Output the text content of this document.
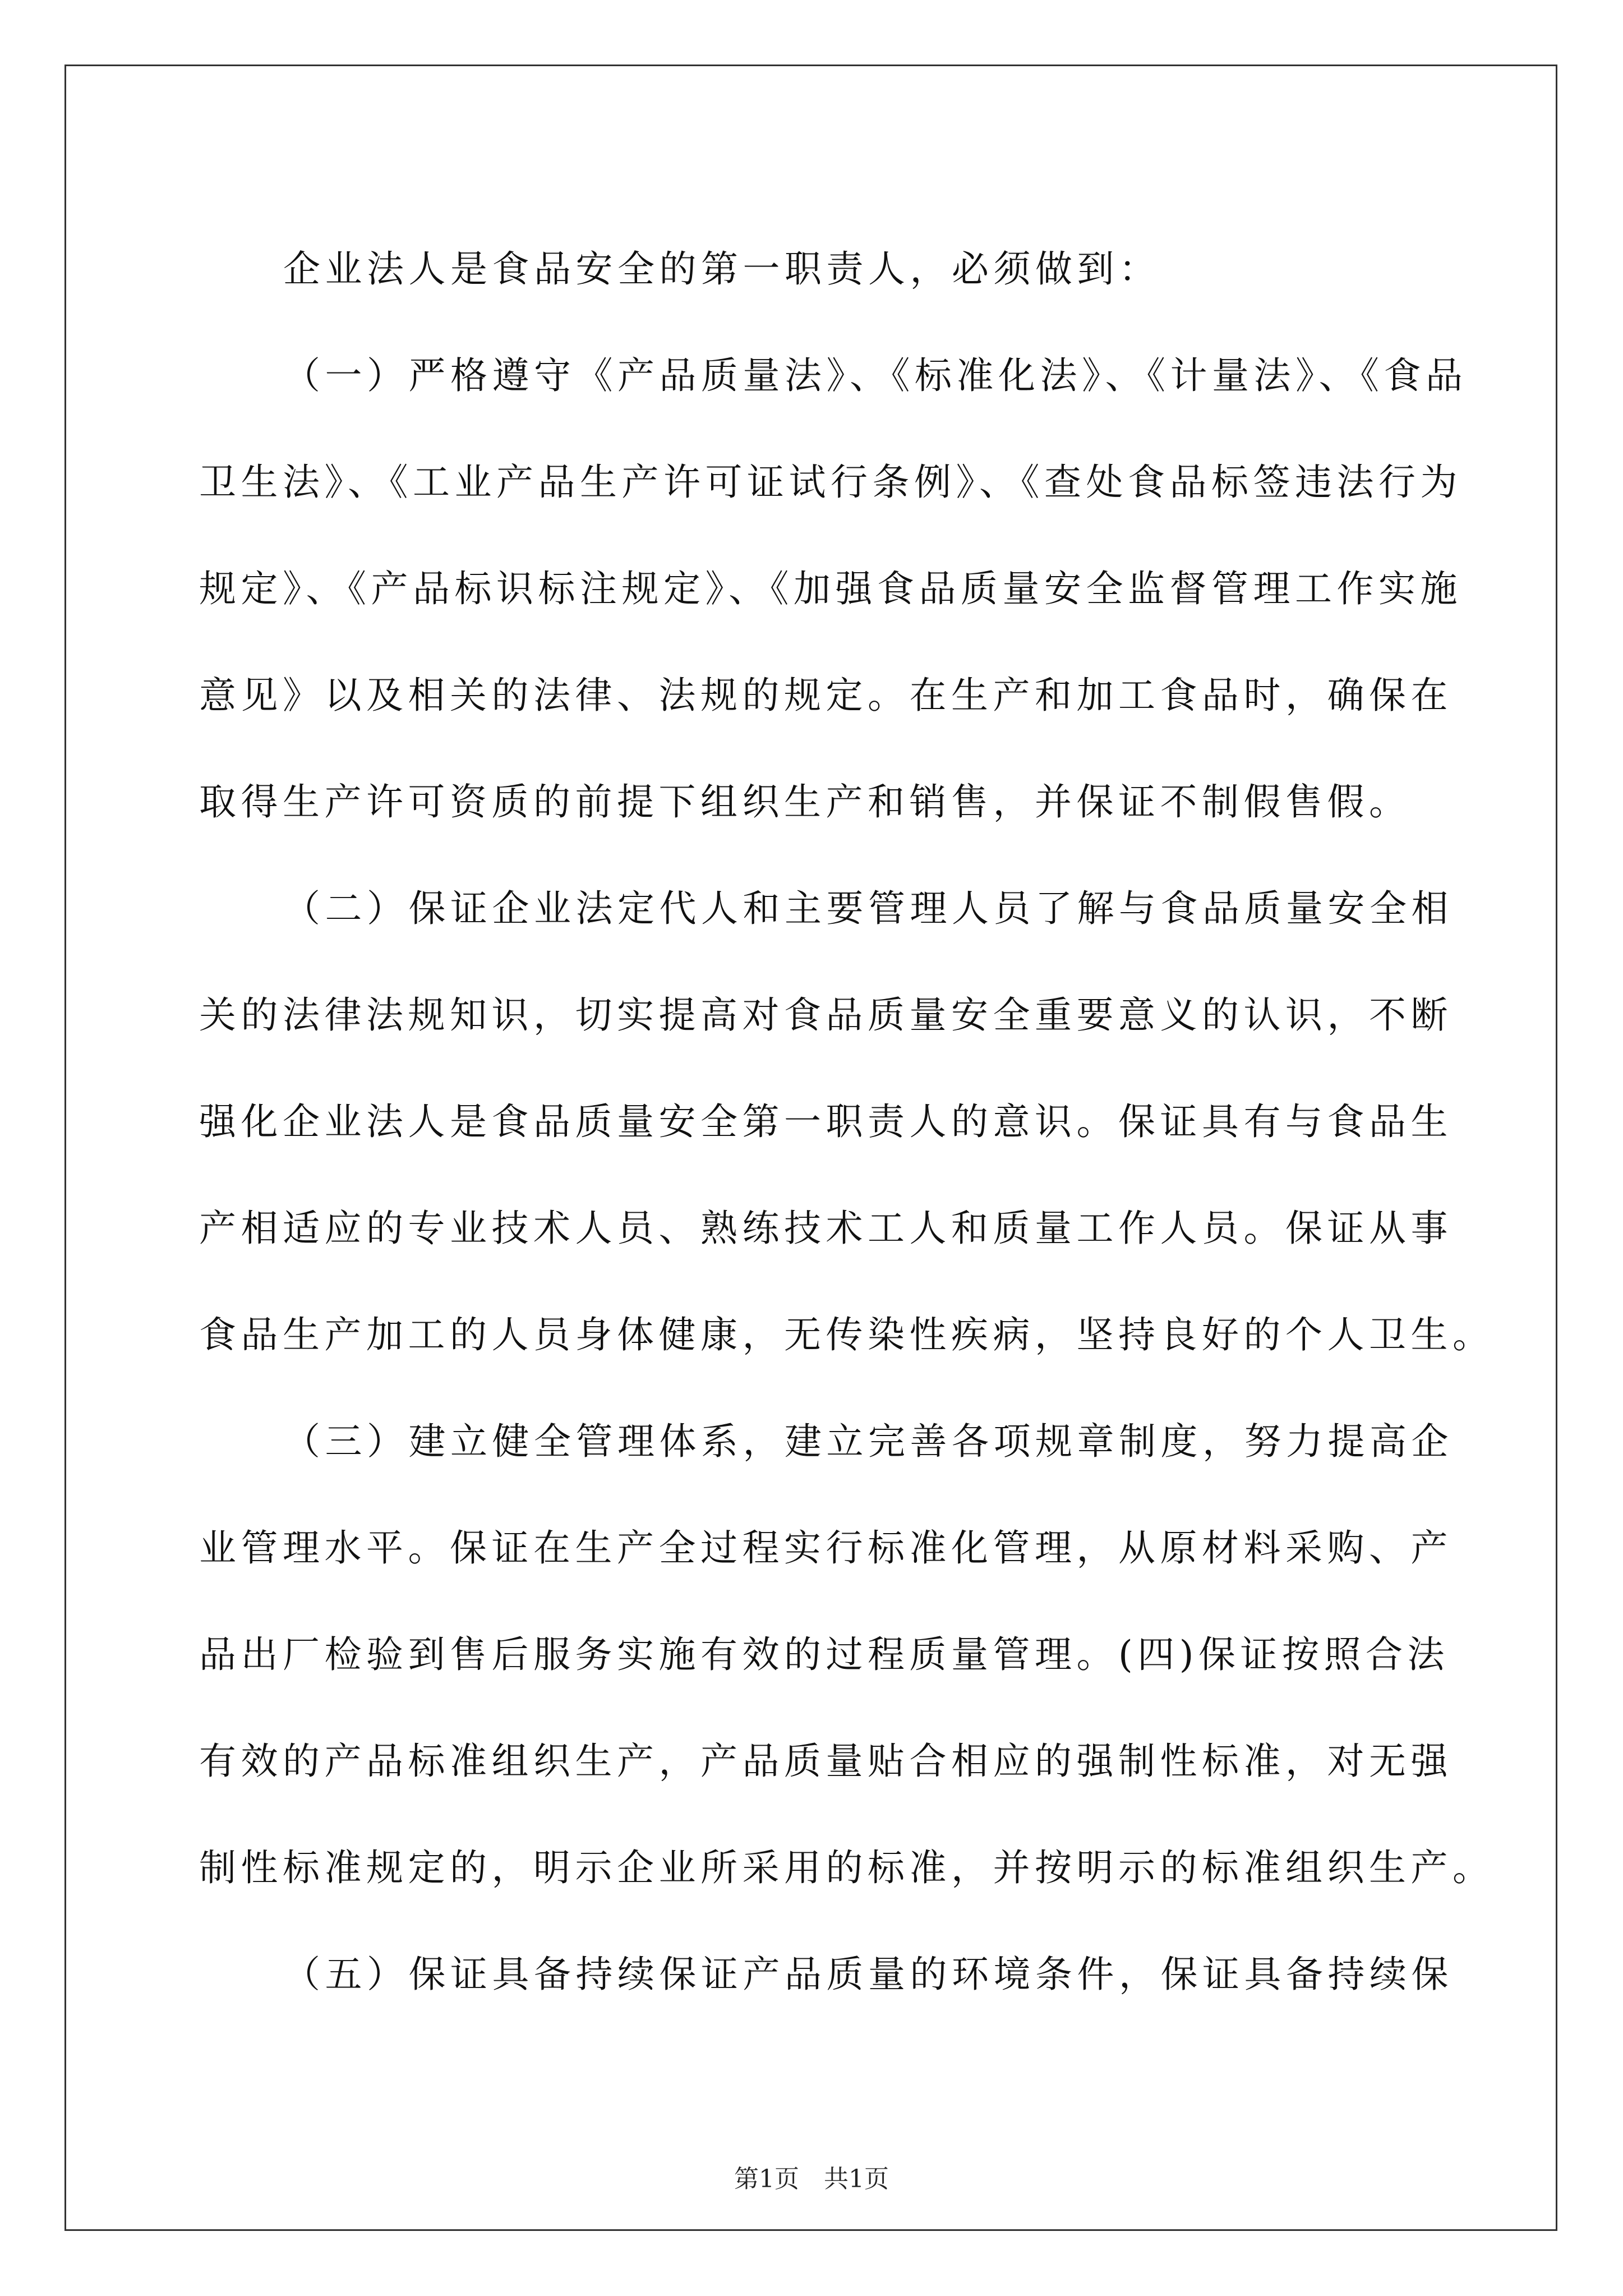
企业法人是食品安全的第一职责人，必须做到：
（一）严格遵守《产品质量法》、《标准化法》、《计量法》、《食品
卫生法》、《工业产品生产许可证试行条例》、《查处食品标签违法行为
规定》、《产品标识标注规定》、《加强食品质量安全监督管理工作实施
意见》以及相关的法律、法规的规定。在生产和加工食品时，确保在
取得生产许可资质的前提下组织生产和销售，并保证不制假售假。
（二）保证企业法定代人和主要管理人员了解与食品质量安全相
关的法律法规知识，切实提高对食品质量安全重要意义的认识，不断
强化企业法人是食品质量安全第一职责人的意识。保证具有与食品生
产相适应的专业技术人员、熟练技术工人和质量工作人员。保证从事
食品生产加工的人员身体健康，无传染性疾病，坚持良好的个人卫生。
（三）建立健全管理体系，建立完善各项规章制度，努力提高企
业管理水平。保证在生产全过程实行标准化管理，从原材料采购、产
品出厂检验到售后服务实施有效的过程质量管理。(四)保证按照合法
有效的产品标准组织生产，产品质量贴合相应的强制性标准，对无强
制性标准规定的，明示企业所采用的标准，并按明示的标准组织生产。
（五）保证具备持续保证产品质量的环境条件，保证具备持续保
第1页　共1页
